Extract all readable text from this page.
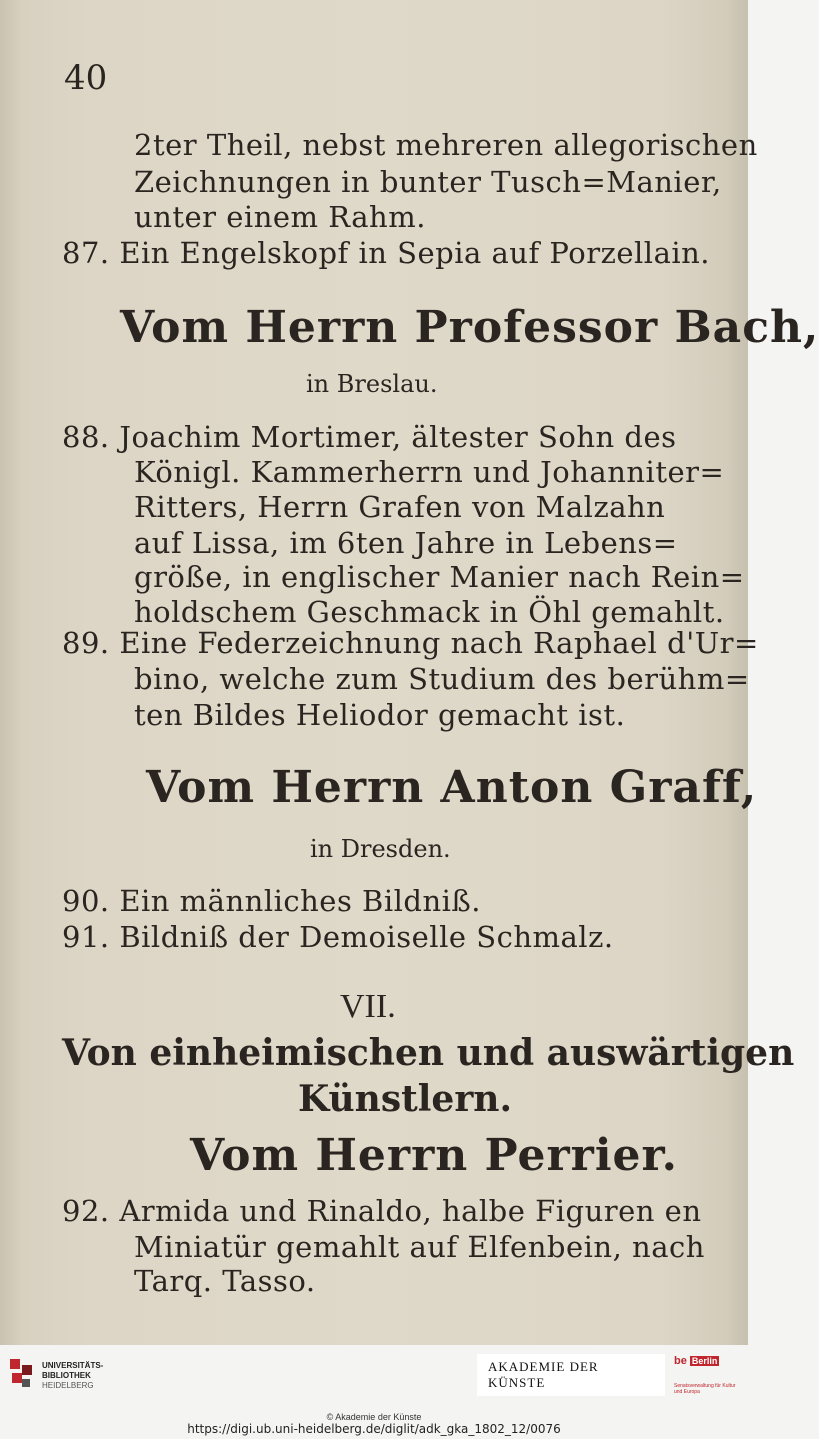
40
2ter Theil, nebst mehreren allegorischen
Zeichnungen in bunter Tusch=Manier,
unter einem Rahm.
87. Ein Engelskopf in Sepia auf Porzellain.
Vom Herrn Professor Bach,
in Breslau.
88. Joachim Mortimer, ältester Sohn des
Königl. Kammerherrn und Johanniter=
Ritters, Herrn Grafen von Malzahn
auf Lissa, im 6ten Jahre in Lebens=
größe, in englischer Manier nach Rein=
holdschem Geschmack in Öhl gemahlt.
89. Eine Federzeichnung nach Raphael d'Ur=
bino, welche zum Studium des berühm=
ten Bildes Heliodor gemacht ist.
Vom Herrn Anton Graff,
in Dresden.
90. Ein männliches Bildniß.
91. Bildniß der Demoiselle Schmalz.
VII.
Von einheimischen und auswärtigen
Künstlern.
Vom Herrn Perrier.
92. Armida und Rinaldo, halbe Figuren en
Miniatür gemahlt auf Elfenbein, nach
Tarq. Tasso.
UNIVERSITÄTS-
BIBLIOTHEK
HEIDELBERG
AKADEMIE DER KÜNSTE
be Berlin
Senatsverwaltung für Kultur und Europa
© Akademie der Künste
https://digi.ub.uni-heidelberg.de/diglit/adk_gka_1802_12/0076
